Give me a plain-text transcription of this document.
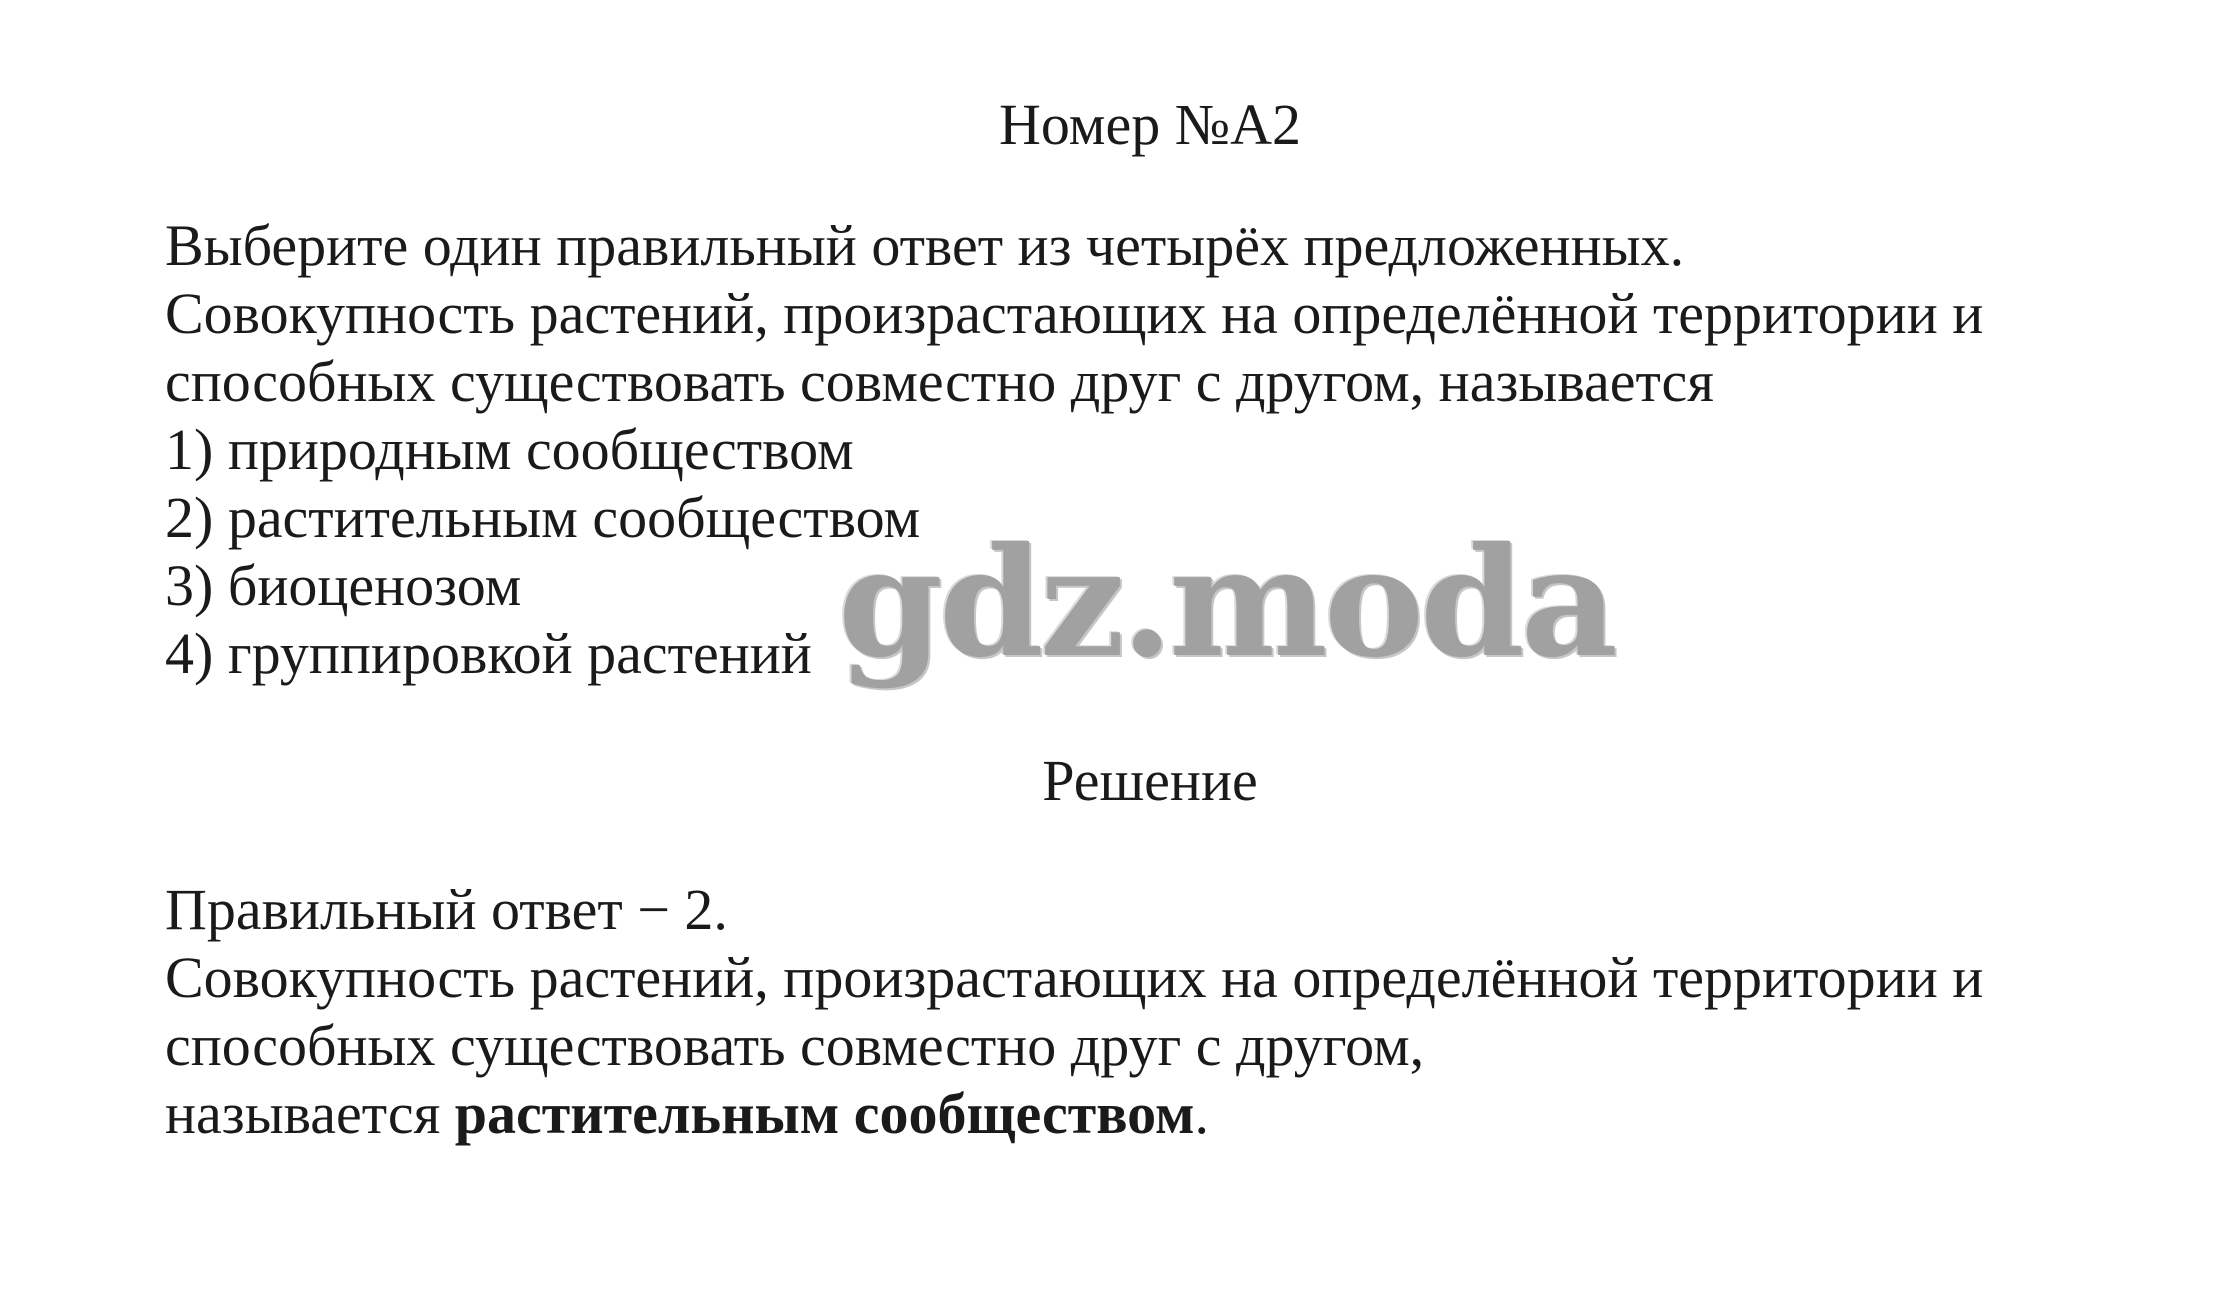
Номер №А2
Выберите один правильный ответ из четырёх предложенных.
Совокупность растений, произрастающих на определённой территории и
способных существовать совместно друг с другом, называется
1) природным сообществом
2) растительным сообществом
3) биоценозом
4) группировкой растений
Решение
Правильный ответ − 2.
Совокупность растений, произрастающих на определённой территории и
способных существовать совместно друг с другом,
называется растительным сообществом.
gdz.moda
